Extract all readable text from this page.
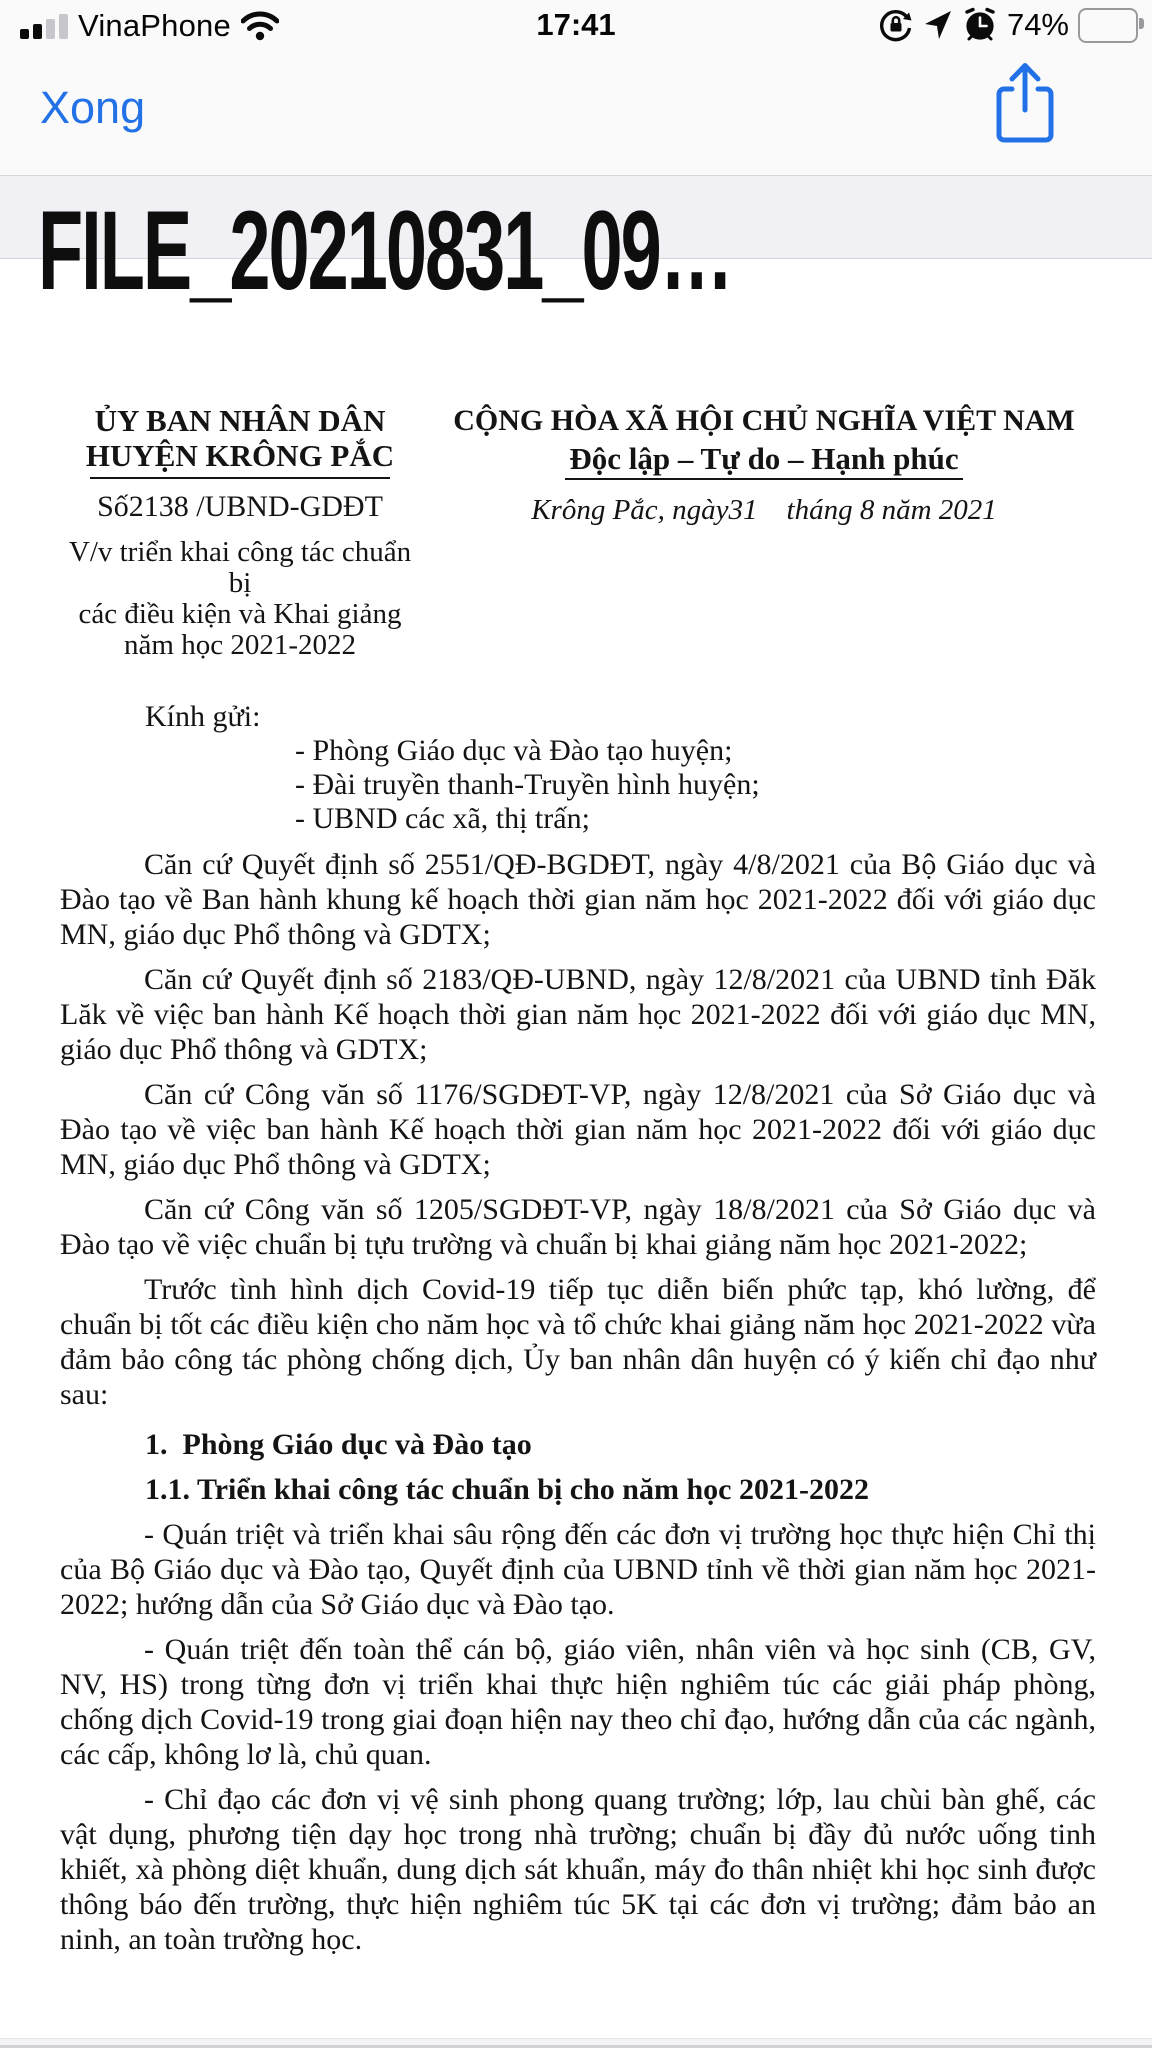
VinaPhone	17:41	74%
Xong
FILE_20210831_09…
ỦY BAN NHÂN DÂN
HUYỆN KRÔNG PẮC
Số2138 /UBND-GDĐT
V/v triển khai công tác chuẩn bị
các điều kiện và Khai giảng
năm học 2021-2022
CỘNG HÒA XÃ HỘI CHỦ NGHĨA VIỆT NAM
Độc lập – Tự do – Hạnh phúc
Krông Pắc, ngày31    tháng 8 năm 2021
Kính gửi:
- Phòng Giáo dục và Đào tạo huyện;
- Đài truyền thanh-Truyền hình huyện;
- UBND các xã, thị trấn;

Căn cứ Quyết định số 2551/QĐ-BGDĐT, ngày 4/8/2021 của Bộ Giáo dục và Đào tạo về Ban hành khung kế hoạch thời gian năm học 2021-2022 đối với giáo dục MN, giáo dục Phổ thông và GDTX;

Căn cứ Quyết định số 2183/QĐ-UBND, ngày 12/8/2021 của UBND tỉnh Đăk Lăk về việc ban hành Kế hoạch thời gian năm học 2021-2022 đối với giáo dục MN, giáo dục Phổ thông và GDTX;

Căn cứ Công văn số 1176/SGDĐT-VP, ngày 12/8/2021 của Sở Giáo dục và Đào tạo về việc ban hành Kế hoạch thời gian năm học 2021-2022 đối với giáo dục MN, giáo dục Phổ thông và GDTX;

Căn cứ Công văn số 1205/SGDĐT-VP, ngày 18/8/2021 của Sở Giáo dục và Đào tạo về việc chuẩn bị tựu trường và chuẩn bị khai giảng năm học 2021-2022;

Trước tình hình dịch Covid-19 tiếp tục diễn biến phức tạp, khó lường, để chuẩn bị tốt các điều kiện cho năm học và tổ chức khai giảng năm học 2021-2022 vừa đảm bảo công tác phòng chống dịch, Ủy ban nhân dân huyện có ý kiến chỉ đạo như sau:

1.  Phòng Giáo dục và Đào tạo

1.1. Triển khai công tác chuẩn bị cho năm học 2021-2022

- Quán triệt và triển khai sâu rộng đến các đơn vị trường học thực hiện Chỉ thị của Bộ Giáo dục và Đào tạo, Quyết định của UBND tỉnh về thời gian năm học 2021-2022; hướng dẫn của Sở Giáo dục và Đào tạo.

- Quán triệt đến toàn thể cán bộ, giáo viên, nhân viên và học sinh (CB, GV, NV, HS) trong từng đơn vị triển khai thực hiện nghiêm túc các giải pháp phòng, chống dịch Covid-19 trong giai đoạn hiện nay theo chỉ đạo, hướng dẫn của các ngành, các cấp, không lơ là, chủ quan.

- Chỉ đạo các đơn vị vệ sinh phong quang trường; lớp, lau chùi bàn ghế, các vật dụng, phương tiện dạy học trong nhà trường; chuẩn bị đầy đủ nước uống tinh khiết, xà phòng diệt khuẩn, dung dịch sát khuẩn, máy đo thân nhiệt khi học sinh được thông báo đến trường, thực hiện nghiêm túc 5K tại các đơn vị trường; đảm bảo an ninh, an toàn trường học.
